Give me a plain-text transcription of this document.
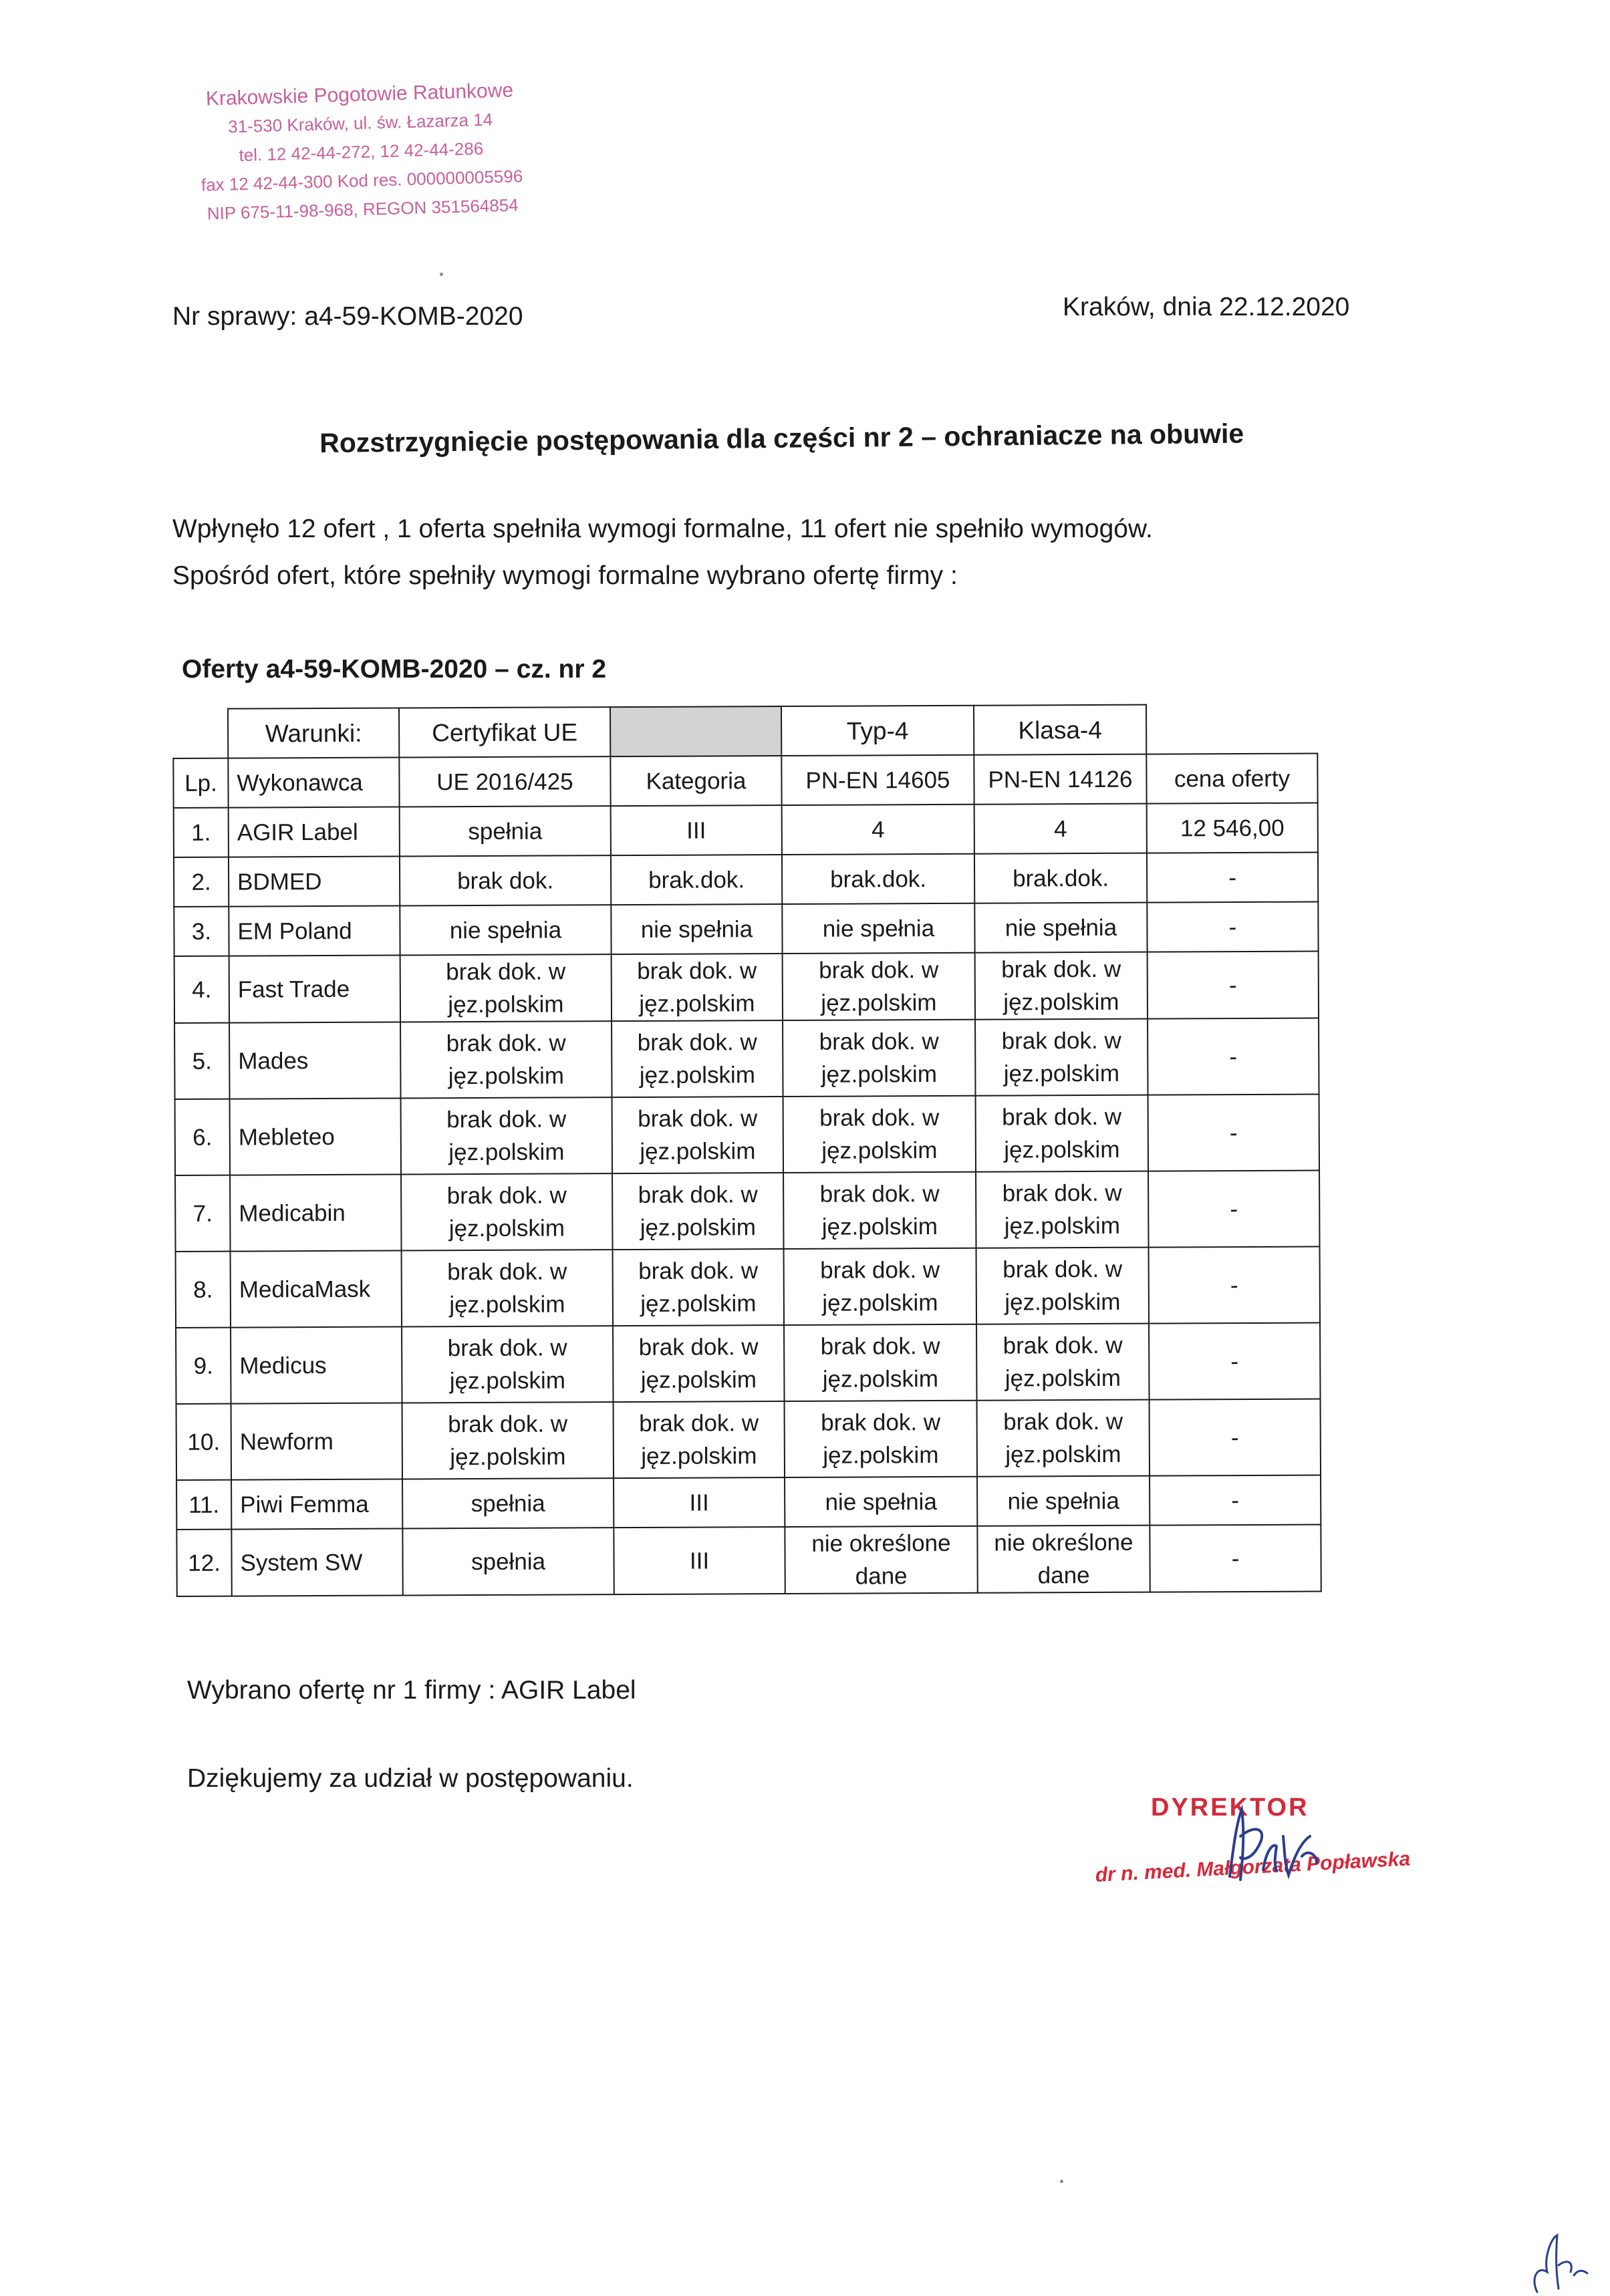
Krakowskie Pogotowie Ratunkowe
31-530 Kraków, ul. św. Łazarza 14
tel. 12 42-44-272, 12 42-44-286
fax 12 42-44-300 Kod res. 000000005596
NIP 675-11-98-968, REGON 351564854
Nr sprawy: a4-59-KOMB-2020	Kraków, dnia 22.12.2020
Rozstrzygnięcie postępowania dla części nr 2 – ochraniacze na obuwie
Wpłynęło 12 ofert , 1 oferta spełniła wymogi formalne, 11 ofert nie spełniło wymogów.
Spośród ofert, które spełniły wymogi formalne wybrano ofertę firmy :
Oferty a4-59-KOMB-2020 – cz. nr 2
	Warunki:	Certyfikat UE		Typ-4	Klasa-4	
Lp.	Wykonawca	UE 2016/425	Kategoria	PN-EN 14605	PN-EN 14126	cena oferty
1.	AGIR Label	spełnia	III	4	4	12 546,00
2.	BDMED	brak dok.	brak.dok.	brak.dok.	brak.dok.	-
3.	EM Poland	nie spełnia	nie spełnia	nie spełnia	nie spełnia	-
4.	Fast Trade	brak dok. w jęz.polskim	brak dok. w jęz.polskim	brak dok. w jęz.polskim	brak dok. w jęz.polskim	-
5.	Mades	brak dok. w jęz.polskim	brak dok. w jęz.polskim	brak dok. w jęz.polskim	brak dok. w jęz.polskim	-
6.	Mebleteo	brak dok. w jęz.polskim	brak dok. w jęz.polskim	brak dok. w jęz.polskim	brak dok. w jęz.polskim	-
7.	Medicabin	brak dok. w jęz.polskim	brak dok. w jęz.polskim	brak dok. w jęz.polskim	brak dok. w jęz.polskim	-
8.	MedicaMask	brak dok. w jęz.polskim	brak dok. w jęz.polskim	brak dok. w jęz.polskim	brak dok. w jęz.polskim	-
9.	Medicus	brak dok. w jęz.polskim	brak dok. w jęz.polskim	brak dok. w jęz.polskim	brak dok. w jęz.polskim	-
10.	Newform	brak dok. w jęz.polskim	brak dok. w jęz.polskim	brak dok. w jęz.polskim	brak dok. w jęz.polskim	-
11.	Piwi Femma	spełnia	III	nie spełnia	nie spełnia	-
12.	System SW	spełnia	III	nie określone dane	nie określone dane	-
Wybrano ofertę nr 1 firmy : AGIR Label
Dziękujemy za udział w postępowaniu.
DYREKTOR
dr n. med. Małgorzata Popławska
